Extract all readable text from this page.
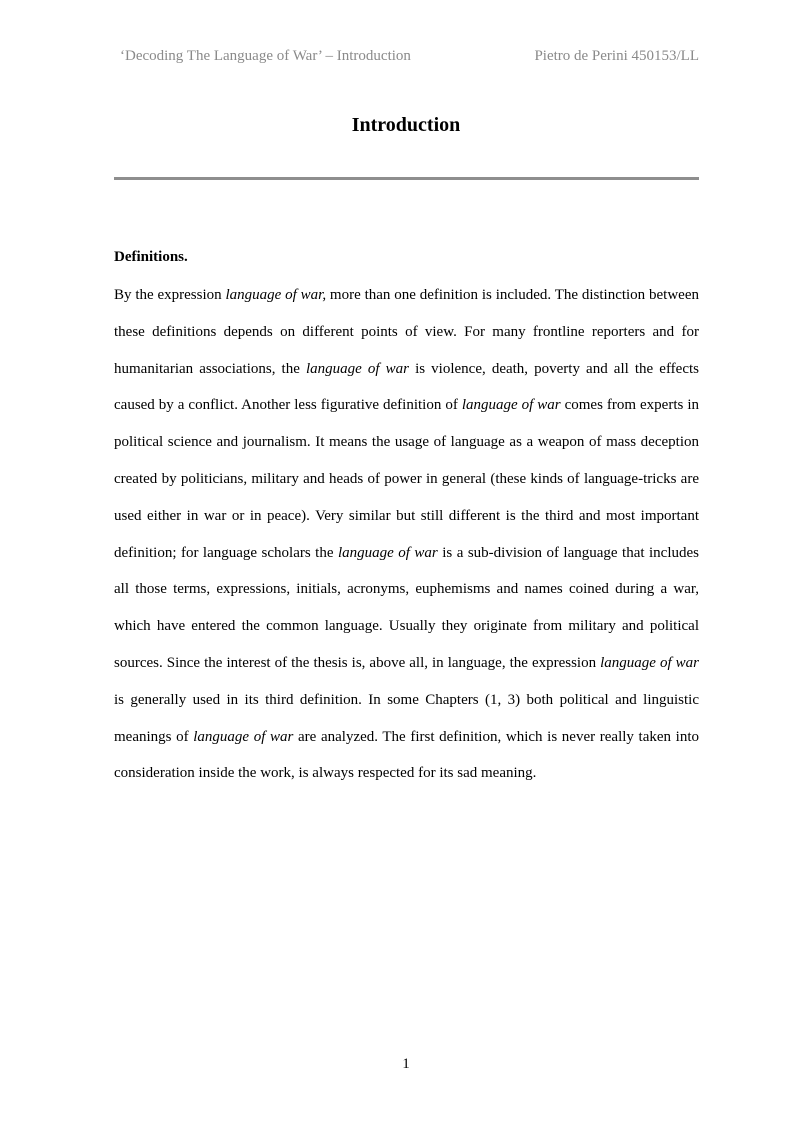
‘Decoding The Language of War’ – Introduction	Pietro de Perini 450153/LL
Introduction
Definitions.

By the expression language of war, more than one definition is included. The distinction between these definitions depends on different points of view. For many frontline reporters and for humanitarian associations, the language of war is violence, death, poverty and all the effects caused by a conflict. Another less figurative definition of language of war comes from experts in political science and journalism. It means the usage of language as a weapon of mass deception created by politicians, military and heads of power in general (these kinds of language-tricks are used either in war or in peace). Very similar but still different is the third and most important definition; for language scholars the language of war is a sub-division of language that includes all those terms, expressions, initials, acronyms, euphemisms and names coined during a war, which have entered the common language. Usually they originate from military and political sources. Since the interest of the thesis is, above all, in language, the expression language of war is generally used in its third definition. In some Chapters (1, 3) both political and linguistic meanings of language of war are analyzed. The first definition, which is never really taken into consideration inside the work, is always respected for its sad meaning.

1
